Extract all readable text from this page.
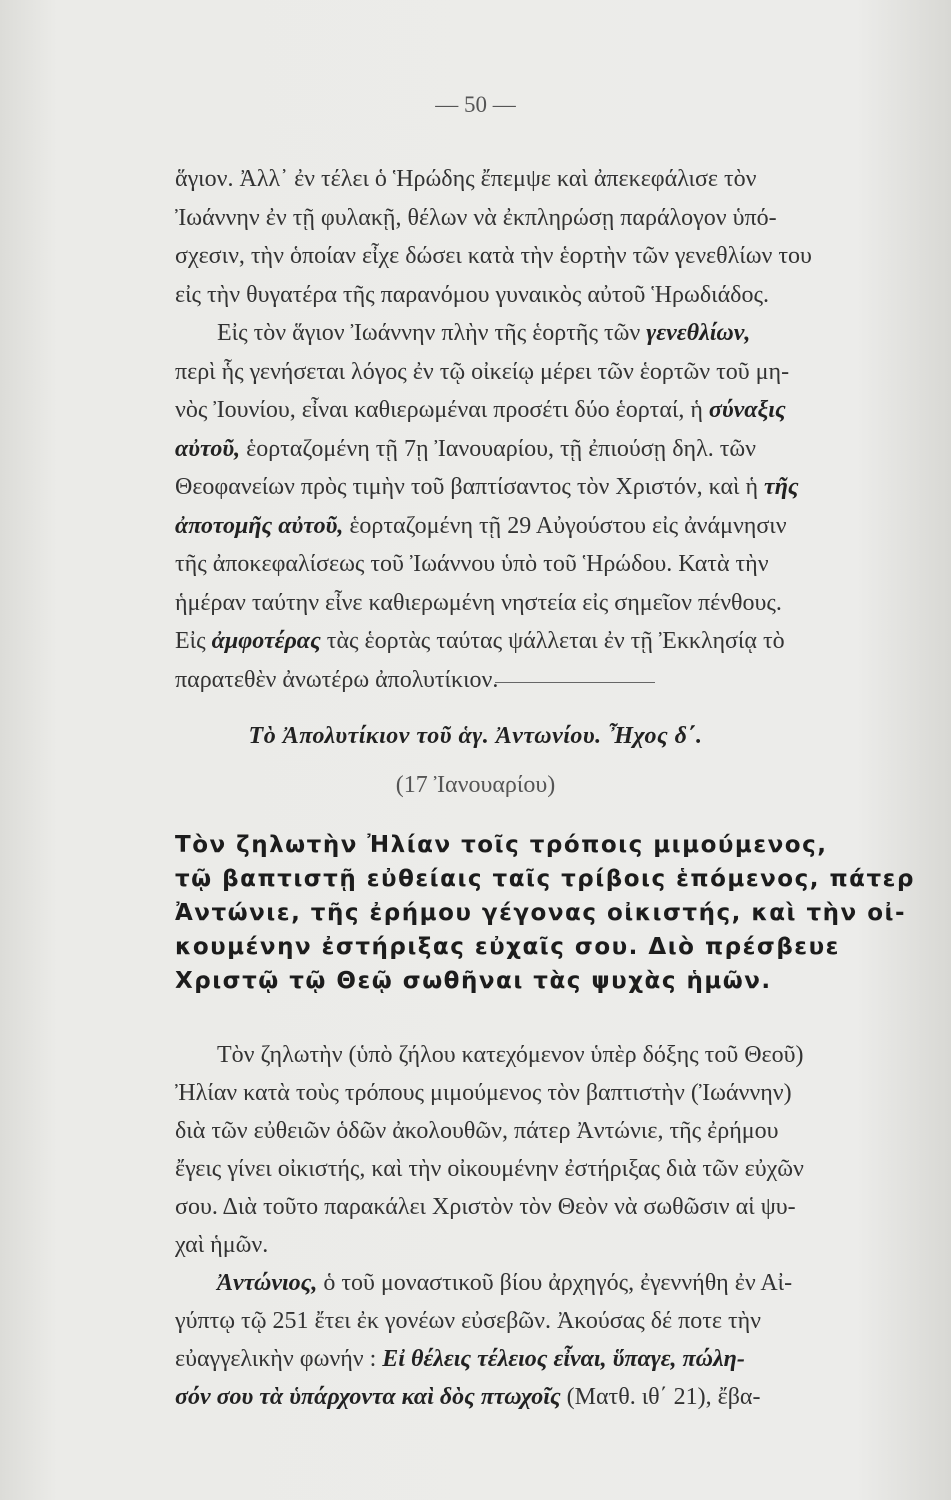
— 50 —
ἅγιον. Ἀλλ᾽ ἐν τέλει ὁ Ἡρώδης ἔπεμψε καὶ ἀπεκεφάλισε τὸν
Ἰωάννην ἐν τῇ φυλακῇ, θέλων νὰ ἐκπληρώσῃ παράλογον ὑπό-
σχεσιν, τὴν ὁποίαν εἶχε δώσει κατὰ τὴν ἑορτὴν τῶν γενεθλίων του
εἰς τὴν θυγατέρα τῆς παρανόμου γυναικὸς αὐτοῦ Ἡρωδιάδος.
Εἰς τὸν ἅγιον Ἰωάννην πλὴν τῆς ἑορτῆς τῶν γενεθλίων,
περὶ ἧς γενήσεται λόγος ἐν τῷ οἰκείῳ μέρει τῶν ἑορτῶν τοῦ μη-
νὸς Ἰουνίου, εἶναι καθιερωμέναι προσέτι δύο ἑορταί, ἡ σύναξις
αὐτοῦ, ἑορταζομένη τῇ 7ῃ Ἰανουαρίου, τῇ ἐπιούσῃ δηλ. τῶν
Θεοφανείων πρὸς τιμὴν τοῦ βαπτίσαντος τὸν Χριστόν, καὶ ἡ τῆς
ἀποτομῆς αὐτοῦ, ἑορταζομένη τῇ 29 Αὐγούστου εἰς ἀνάμνησιν
τῆς ἀποκεφαλίσεως τοῦ Ἰωάννου ὑπὸ τοῦ Ἡρώδου. Κατὰ τὴν
ἡμέραν ταύτην εἶνε καθιερωμένη νηστεία εἰς σημεῖον πένθους.
Εἰς ἀμφοτέρας τὰς ἑορτὰς ταύτας ψάλλεται ἐν τῇ Ἐκκλησίᾳ τὸ
παρατεθὲν ἀνωτέρω ἀπολυτίκιον.
Τὸ Ἀπολυτίκιον τοῦ ἁγ. Ἀντωνίου. Ἦχος δ΄.
(17 Ἰανουαρίου)
Τὸν ζηλωτὴν Ἠλίαν τοῖς τρόποις μιμούμενος,
τῷ βαπτιστῇ εὐθείαις ταῖς τρίβοις ἑπόμενος, πάτερ
Ἀντώνιε, τῆς ἐρήμου γέγονας οἰκιστής, καὶ τὴν οἰ-
κουμένην ἐστήριξας εὐχαῖς σου. Διὸ πρέσβευε
Χριστῷ τῷ Θεῷ σωθῆναι τὰς ψυχὰς ἡμῶν.
Τὸν ζηλωτὴν (ὑπὸ ζήλου κατεχόμενον ὑπὲρ δόξης τοῦ Θεοῦ)
Ἠλίαν κατὰ τοὺς τρόπους μιμούμενος τὸν βαπτιστὴν (Ἰωάννην)
διὰ τῶν εὐθειῶν ὁδῶν ἀκολουθῶν, πάτερ Ἀντώνιε, τῆς ἐρήμου
ἔγεις γίνει οἰκιστής, καὶ τὴν οἰκουμένην ἐστήριξας διὰ τῶν εὐχῶν
σου. Διὰ τοῦτο παρακάλει Χριστὸν τὸν Θεὸν νὰ σωθῶσιν αἱ ψυ-
χαὶ ἡμῶν.
Ἀντώνιος, ὁ τοῦ μοναστικοῦ βίου ἀρχηγός, ἐγεννήθη ἐν Αἰ-
γύπτῳ τῷ 251 ἔτει ἐκ γονέων εὐσεβῶν. Ἀκούσας δέ ποτε τὴν
εὐαγγελικὴν φωνήν : Εἰ θέλεις τέλειος εἶναι, ὕπαγε, πώλη-
σόν σου τὰ ὑπάρχοντα καὶ δὸς πτωχοῖς (Ματθ. ιθ΄ 21), ἔβα-
